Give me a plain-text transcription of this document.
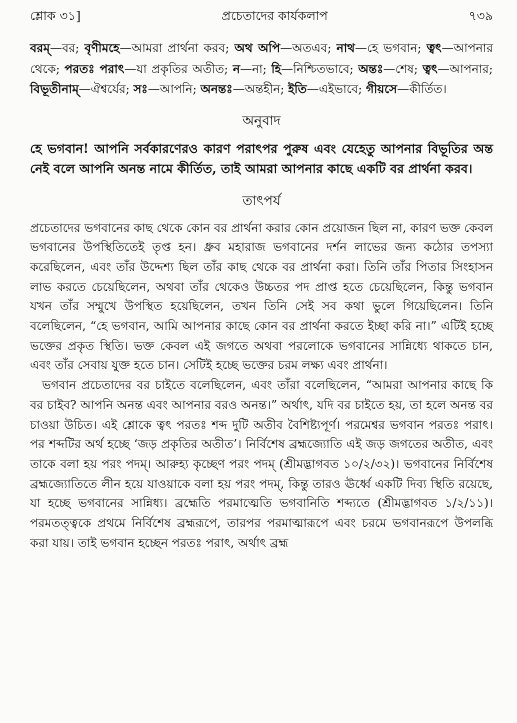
শ্লোক ৩১]	প্রচেতাদের কার্যকলাপ	৭৩৯
বরম্—বর; বৃণীমহে—আমরা প্রার্থনা করব; অথ অপি—অতএব; নাথ—হে ভগবান; ত্বৎ—আপনার থেকে; পরতঃ পরাৎ—যা প্রকৃতির অতীত; ন—না; হি—নিশ্চিতভাবে; অন্তঃ—শেষ; ত্বৎ—আপনার; বিভূতীনাম্—ঐশ্বর্যের; সঃ—আপনি; অনন্তঃ—অন্তহীন; ইতি—এইভাবে; গীয়সে—কীর্তিত।
অনুবাদ
হে ভগবান! আপনি সর্বকারণেরও কারণ পরাৎপর পুরুষ এবং যেহেতু আপনার বিভূতির অন্ত নেই বলে আপনি অনন্ত নামে কীর্তিত, তাই আমরা আপনার কাছে একটি বর প্রার্থনা করব।
তাৎপর্য

প্রচেতাদের ভগবানের কাছ থেকে কোন বর প্রার্থনা করার কোন প্রয়োজন ছিল না, কারণ ভক্ত কেবল ভগবানের উপস্থিতিতেই তৃপ্ত হন। ধ্রুব মহারাজ ভগবানের দর্শন লাভের জন্য কঠোর তপস্যা করেছিলেন, এবং তাঁর উদ্দেশ্য ছিল তাঁর কাছ থেকে বর প্রার্থনা করা। তিনি তাঁর পিতার সিংহাসন লাভ করতে চেয়েছিলেন, অথবা তাঁর থেকেও উচ্চতর পদ প্রাপ্ত হতে চেয়েছিলেন, কিন্তু ভগবান যখন তাঁর সম্মুখে উপস্থিত হয়েছিলেন, তখন তিনি সেই সব কথা ভুলে গিয়েছিলেন। তিনি বলেছিলেন, “হে ভগবান, আমি আপনার কাছে কোন বর প্রার্থনা করতে ইচ্ছা করি না।” এটিই হচ্ছে ভক্তের প্রকৃত স্থিতি। ভক্ত কেবল এই জগতে অথবা পরলোকে ভগবানের সান্নিধ্যে থাকতে চান, এবং তাঁর সেবায় যুক্ত হতে চান। সেটিই হচ্ছে ভক্তের চরম লক্ষ্য এবং প্রার্থনা।

ভগবান প্রচেতাদের বর চাইতে বলেছিলেন, এবং তাঁরা বলেছিলেন, “আমরা আপনার কাছে কি বর চাইব? আপনি অনন্ত এবং আপনার বরও অনন্ত।” অর্থাৎ, যদি বর চাইতে হয়, তা হলে অনন্ত বর চাওয়া উচিত। এই শ্লোকে ত্বৎ পরতঃ শব্দ দুটি অতীব বৈশিষ্ট্যপূর্ণ। পরমেশ্বর ভগবান পরতঃ পরাৎ। পর শব্দটির অর্থ হচ্ছে ‘জড় প্রকৃতির অতীত’। নির্বিশেষ ব্রহ্মজ্যোতি এই জড় জগতের অতীত, এবং তাকে বলা হয় পরং পদম্। আরুহ্য কৃচ্ছেণ পরং পদম্ (শ্রীমদ্ভাগবত ১০/২/৩২)। ভগবানের নির্বিশেষ ব্রহ্মজ্যোতিতে লীন হয়ে যাওয়াকে বলা হয় পরং পদম্, কিন্তু তারও ঊর্ধ্বে একটি দিব্য স্থিতি রয়েছে, যা হচ্ছে ভগবানের সান্নিধ্য। ব্রহ্মেতি পরমাত্মেতি ভগবানিতি শব্দ্যতে (শ্রীমদ্ভাগবত ১/২/১১)। পরমতত্ত্বকে প্রথমে নির্বিশেষ ব্রহ্মরূপে, তারপর পরমাত্মারূপে এবং চরমে ভগবানরূপে উপলব্ধি করা যায়। তাই ভগবান হচ্ছেন পরতঃ পরাৎ, অর্থাৎ ব্রহ্ম
